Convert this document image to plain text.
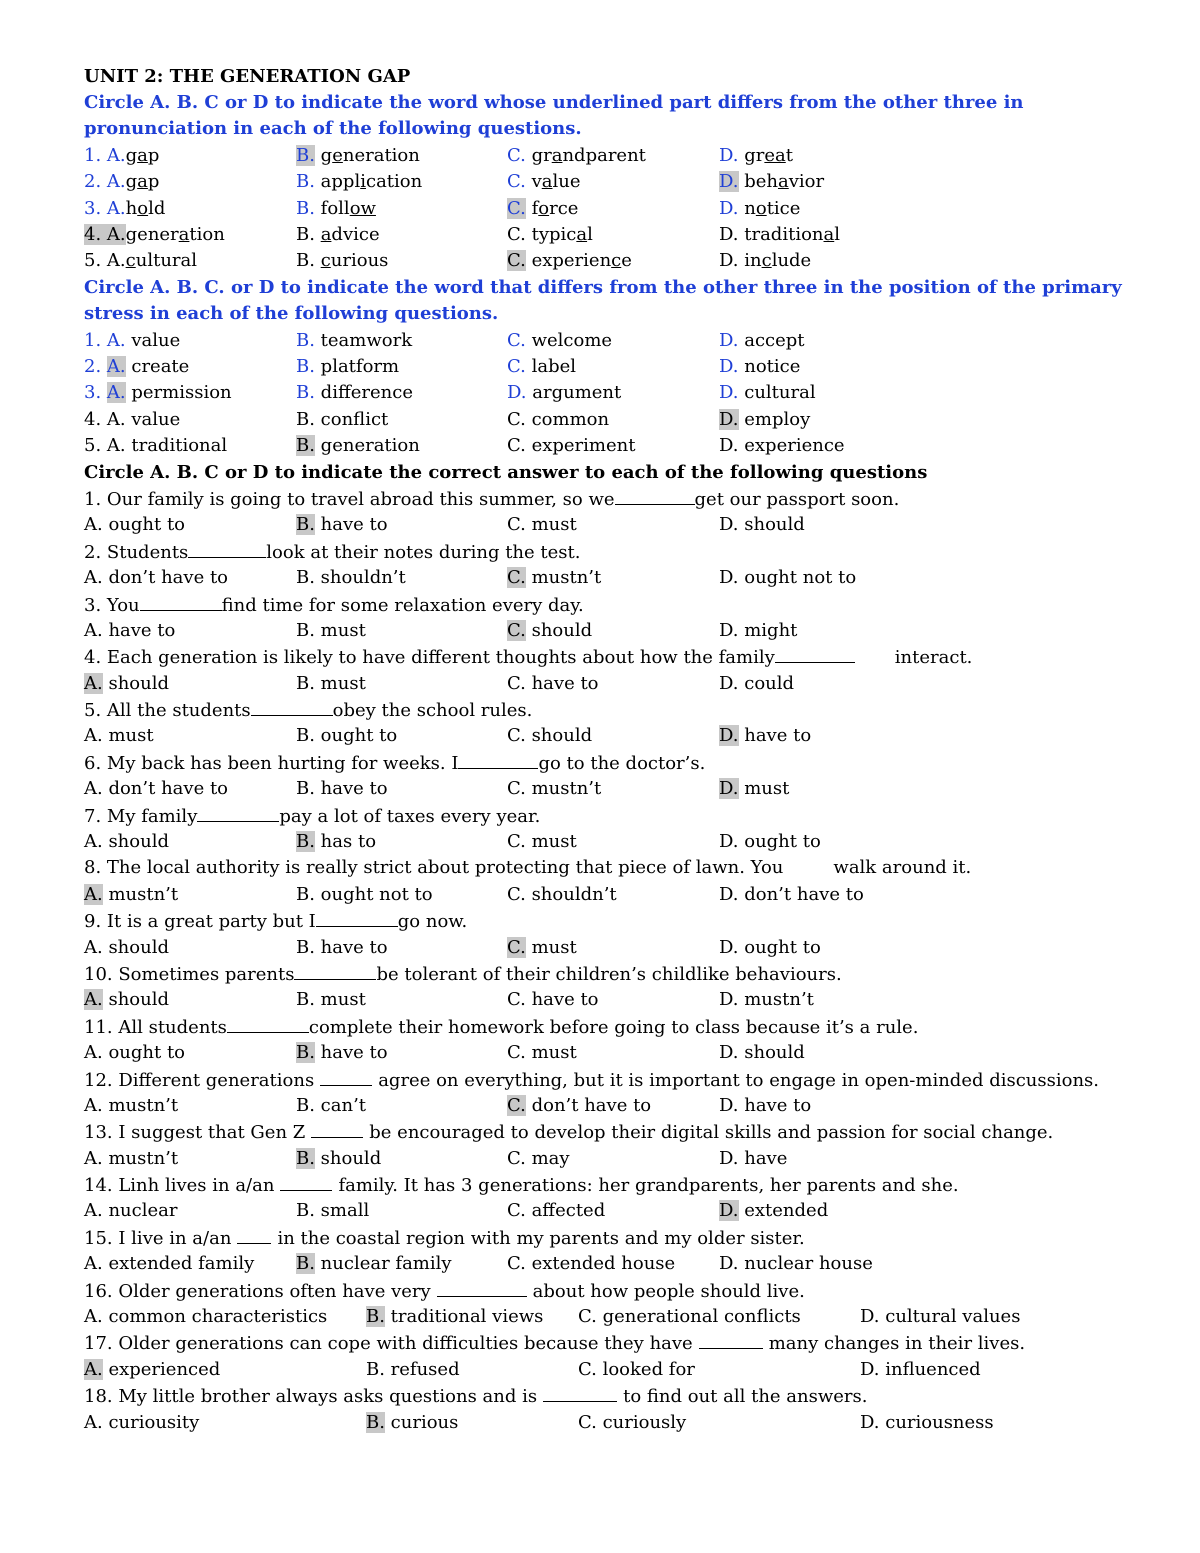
UNIT 2: THE GENERATION GAP
Circle A. B. C or D to indicate the word whose underlined part differs from the other three in
pronunciation in each of the following questions.
1. A.gap	B. generation	C. grandparent	D. great
2. A.gap	B. application	C. value	D. behavior
3. A.hold	B. follow	C. force	D. notice
4. A.generation	B. advice	C. typical	D. traditional
5. A.cultural	B. curious	C. experience	D. include
Circle A. B. C. or D to indicate the word that differs from the other three in the position of the primary
stress in each of the following questions.
1. A. value	B. teamwork	C. welcome	D. accept
2. A. create	B. platform	C. label	D. notice
3. A. permission	B. difference	D. argument	D. cultural
4. A. value	B. conflict	C. common	D. employ
5. A. traditional	B. generation	C. experiment	D. experience
Circle A. B. C or D to indicate the correct answer to each of the following questions
1. Our family is going to travel abroad this summer, so we	get our passport soon.
A. ought to	B. have to	C. must	D. should
2. Students	look at their notes during the test.
A. don’t have to	B. shouldn’t	C. mustn’t	D. ought not to
3. You	find time for some relaxation every day.
A. have to	B. must	C. should	D. might
4. Each generation is likely to have different thoughts about how the family	interact.
A. should	B. must	C. have to	D. could
5. All the students	obey the school rules.
A. must	B. ought to	C. should	D. have to
6. My back has been hurting for weeks. I	go to the doctor’s.
A. don’t have to	B. have to	C. mustn’t	D. must
7. My family	pay a lot of taxes every year.
A. should	B. has to	C. must	D. ought to
8. The local authority is really strict about protecting that piece of lawn. You	walk around it.
A. mustn’t	B. ought not to	C. shouldn’t	D. don’t have to
9. It is a great party but I	go now.
A. should	B. have to	C. must	D. ought to
10. Sometimes parents	be tolerant of their children’s childlike behaviours.
A. should	B. must	C. have to	D. mustn’t
11. All students	complete their homework before going to class because it’s a rule.
A. ought to	B. have to	C. must	D. should
12. Different generations	agree on everything, but it is important to engage in open-minded discussions.
A. mustn’t	B. can’t	C. don’t have to	D. have to
13. I suggest that Gen Z	be encouraged to develop their digital skills and passion for social change.
A. mustn’t	B. should	C. may	D. have
14. Linh lives in a/an	family. It has 3 generations: her grandparents, her parents and she.
A. nuclear	B. small	C. affected	D. extended
15. I live in a/an	in the coastal region with my parents and my older sister.
A. extended family B. nuclear family	C. extended house D. nuclear house
16. Older generations often have very	about how people should live.
A. common characteristics B. traditional views C. generational conflicts	D. cultural values
17. Older generations can cope with difficulties because they have	many changes in their lives.
A. experienced	B. refused	C. looked for	D. influenced
18. My little brother always asks questions and is	to find out all the answers.
A. curiousity	B. curious	C. curiously	D. curiousness
